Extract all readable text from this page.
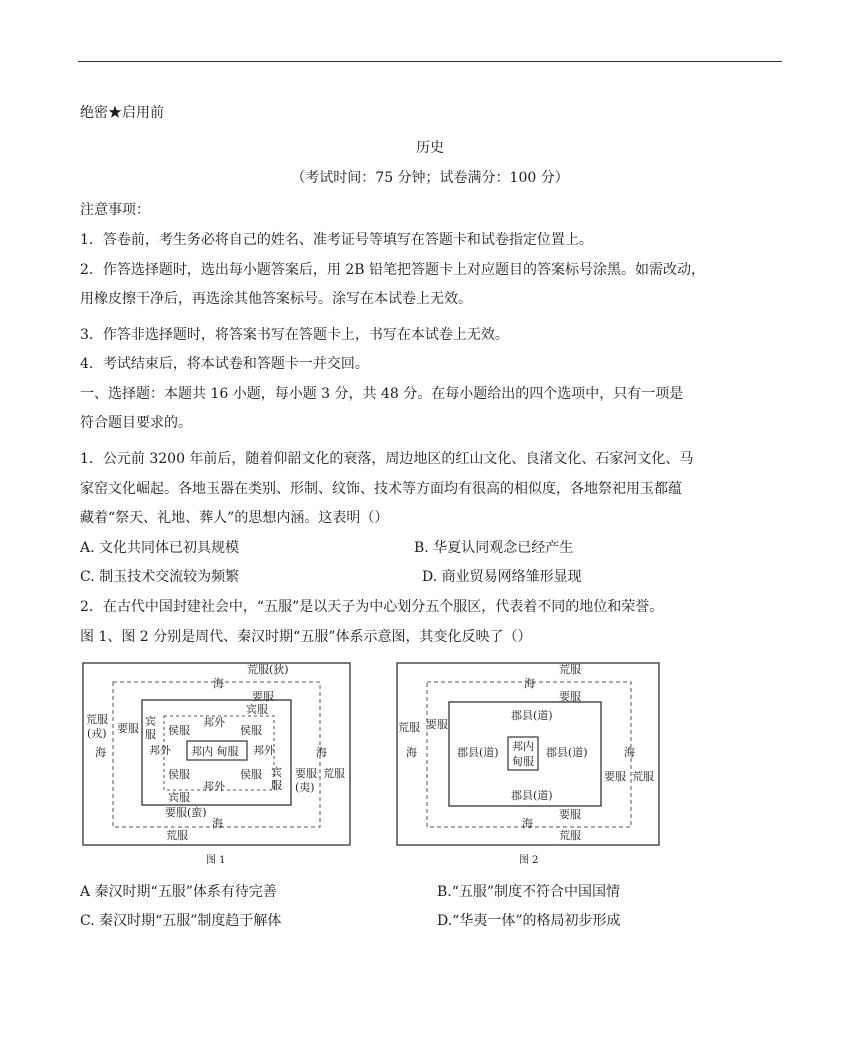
绝密★启用前
历史
（考试时间：75 分钟；试卷满分：100 分）
注意事项：
1．答卷前，考生务必将自己的姓名、准考证号等填写在答题卡和试卷指定位置上。
2．作答选择题时，选出每小题答案后，用 2B 铅笔把答题卡上对应题目的答案标号涂黑。如需改动，
用橡皮擦干净后，再选涂其他答案标号。涂写在本试卷上无效。
3．作答非选择题时，将答案书写在答题卡上，书写在本试卷上无效。
4．考试结束后，将本试卷和答题卡一并交回。
一、选择题：本题共 16 小题，每小题 3 分，共 48 分。在每小题给出的四个选项中，只有一项是
符合题目要求的。
1．公元前 3200 年前后，随着仰韶文化的衰落，周边地区的红山文化、良渚文化、石家河文化、马
家窑文化崛起。各地玉器在类别、形制、纹饰、技术等方面均有很高的相似度，各地祭祀用玉都蕴
藏着“祭天、礼地、葬人”的思想内涵。这表明（）
A. 文化共同体已初具规模	B. 华夏认同观念已经产生
C. 制玉技术交流较为频繁	D. 商业贸易网络雏形显现
2．在古代中国封建社会中，“五服”是以天子为中心划分五个服区，代表着不同的地位和荣誉。
图 1、图 2 分别是周代、秦汉时期“五服”体系示意图，其变化反映了（）
荒服(狄)
海
要服
宾服
荒服
(戎)
海
要服
宾
服
邦外
邦外	邦外
邦外
侯服	侯服
侯服	侯服
邦内 甸服
宾
服
要服
(夷)
海
荒服
宾服
要服(蛮)
海
荒服
图 1
荒服
海
要服
荒服 要服
海
郡县(道)
郡县(道)	郡县(道)
郡县(道)
邦内
甸服
海
要服 荒服
要服
海
荒服
图 2
A 秦汉时期“五服”体系有待完善	B.“五服”制度不符合中国国情
C. 秦汉时期“五服”制度趋于解体	D.“华夷一体”的格局初步形成
